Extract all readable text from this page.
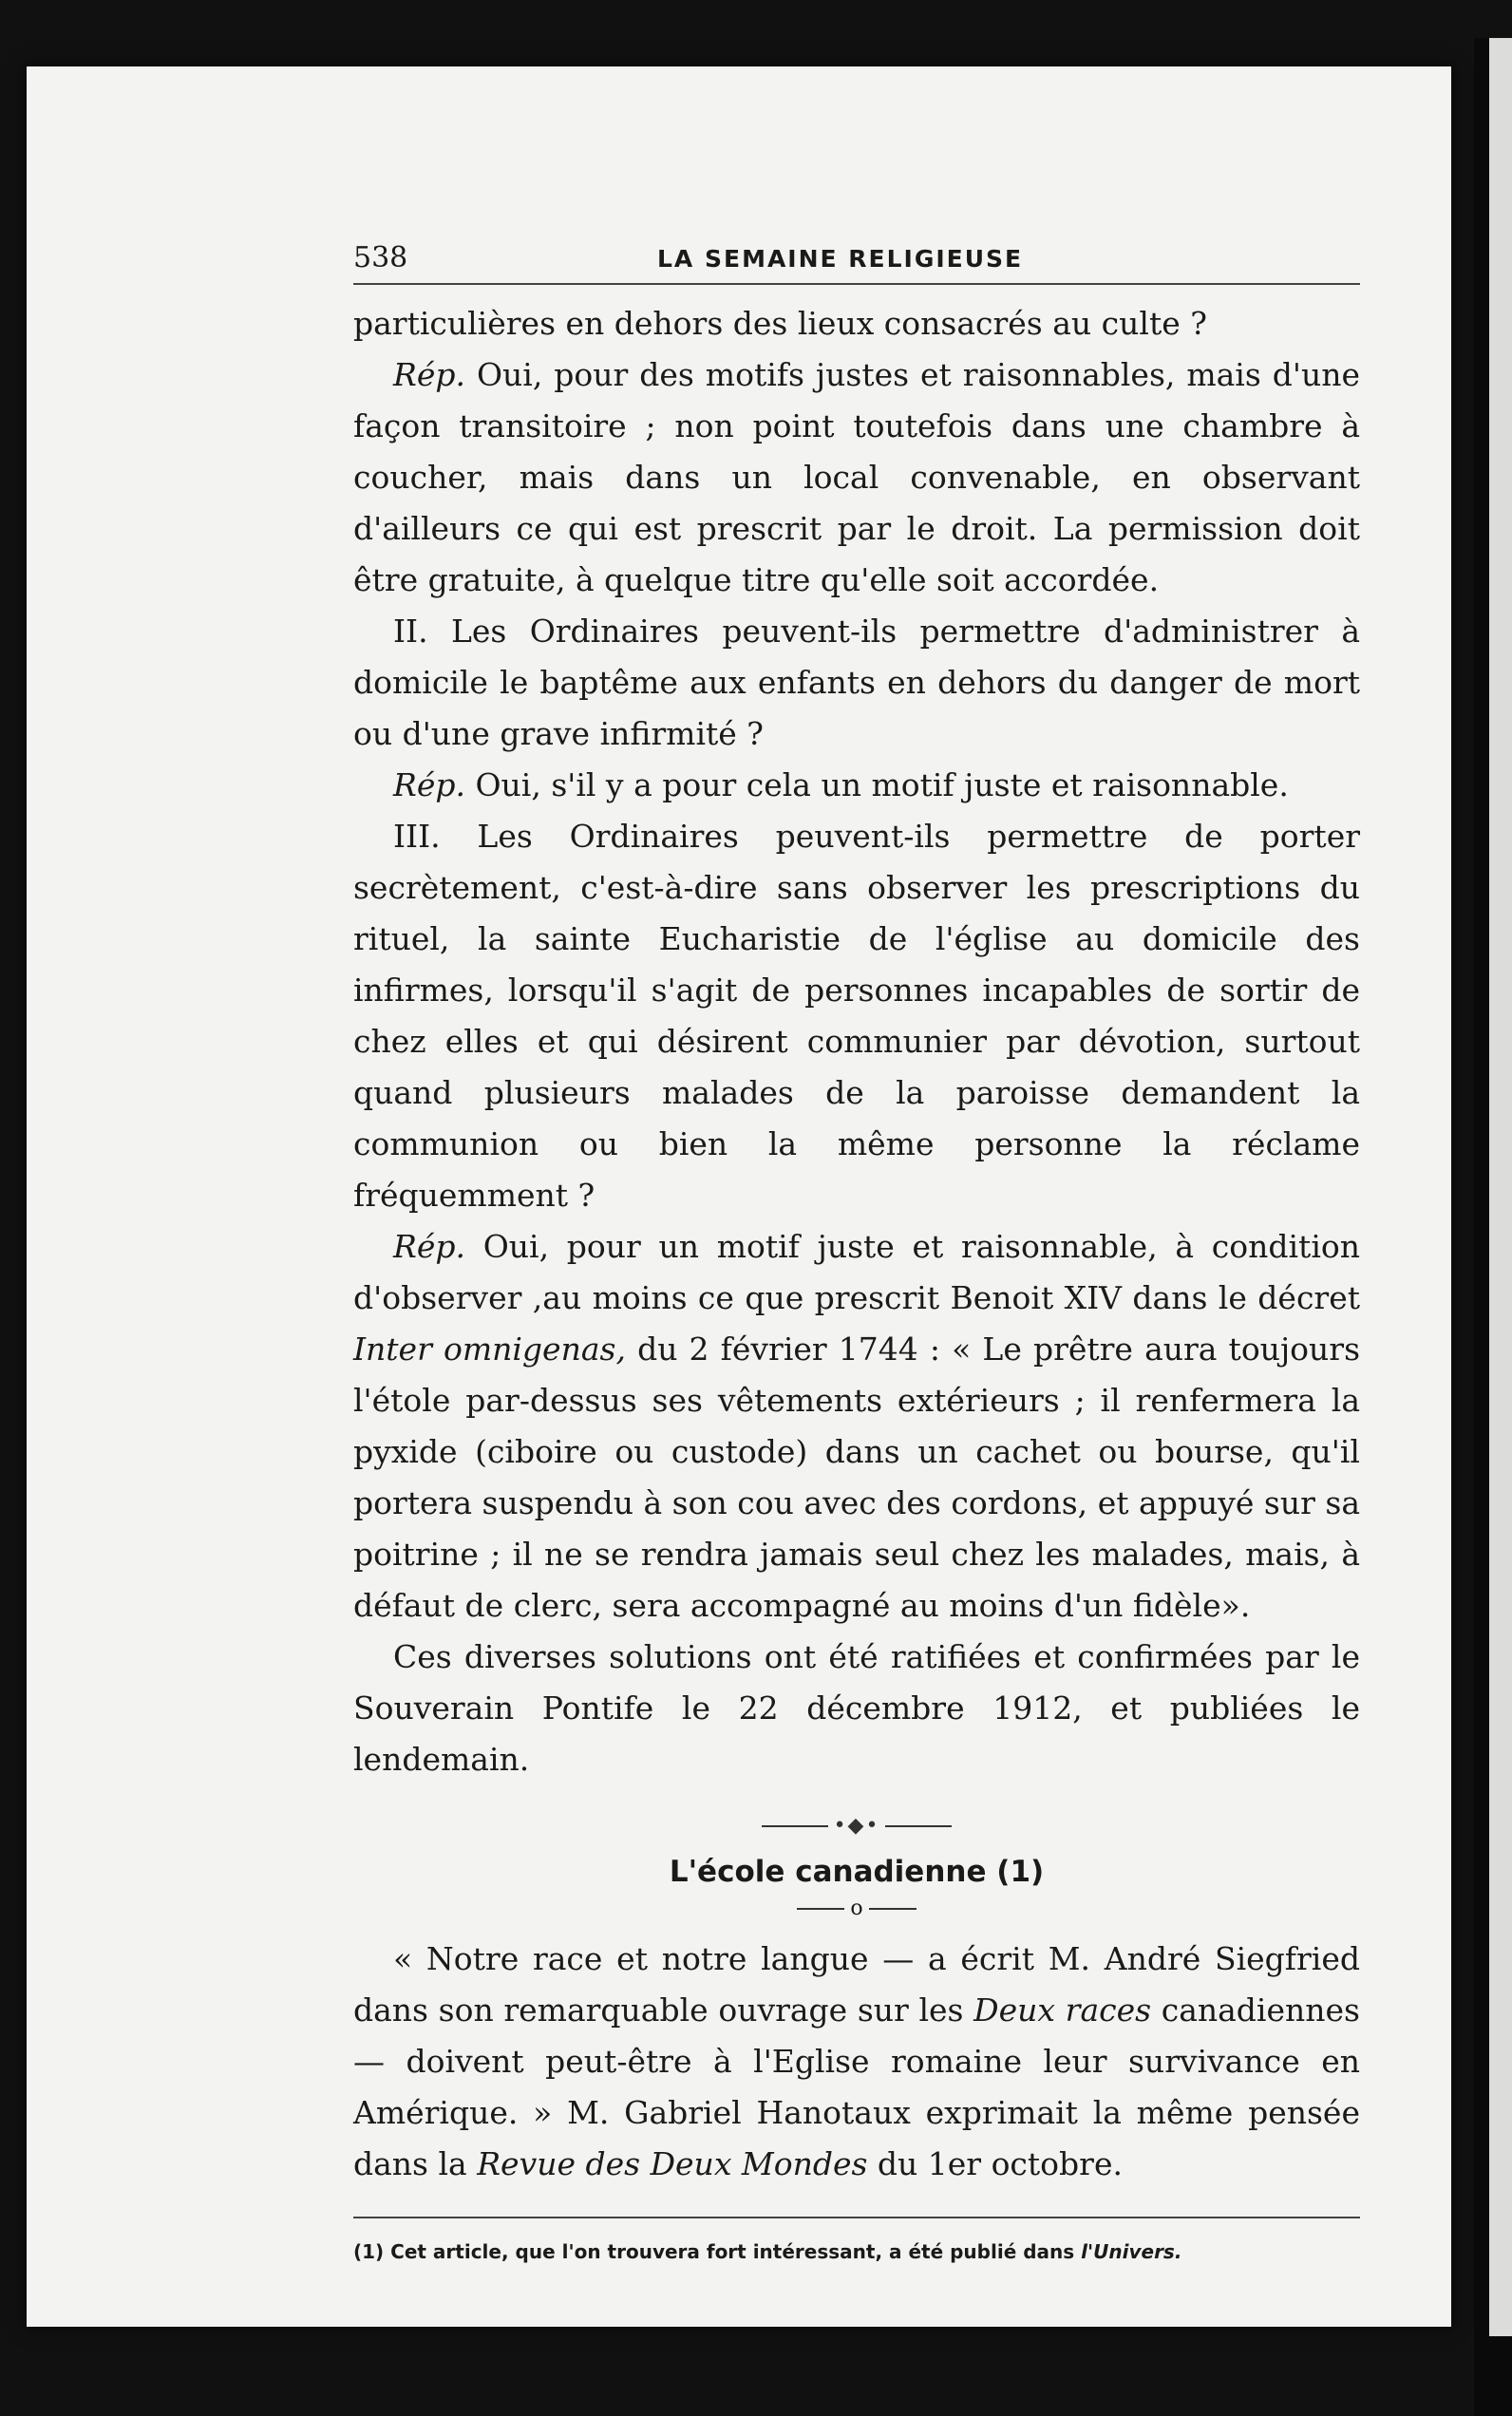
538	LA SEMAINE RELIGIEUSE

particulières en dehors des lieux consacrés au culte ?

Rép. Oui, pour des motifs justes et raisonnables, mais d'une façon transitoire ; non point toutefois dans une chambre à coucher, mais dans un local convenable, en observant d'ailleurs ce qui est prescrit par le droit. La permission doit être gratuite, à quelque titre qu'elle soit accordée.

II. Les Ordinaires peuvent-ils permettre d'administrer à domicile le baptême aux enfants en dehors du danger de mort ou d'une grave infirmité ?

Rép. Oui, s'il y a pour cela un motif juste et raisonnable.

III. Les Ordinaires peuvent-ils permettre de porter secrètement, c'est-à-dire sans observer les prescriptions du rituel, la sainte Eucharistie de l'église au domicile des infirmes, lorsqu'il s'agit de personnes incapables de sortir de chez elles et qui désirent communier par dévotion, surtout quand plusieurs malades de la paroisse demandent la communion ou bien la même personne la réclame fréquemment ?

Rép. Oui, pour un motif juste et raisonnable, à condition d'observer ,au moins ce que prescrit Benoit XIV dans le décret Inter omnigenas, du 2 février 1744 : « Le prêtre aura toujours l'étole par-dessus ses vêtements extérieurs ; il renfermera la pyxide (ciboire ou custode) dans un cachet ou bourse, qu'il portera suspendu à son cou avec des cordons, et appuyé sur sa poitrine ; il ne se rendra jamais seul chez les malades, mais, à défaut de clerc, sera accompagné au moins d'un fidèle».

Ces diverses solutions ont été ratifiées et confirmées par le Souverain Pontife le 22 décembre 1912, et publiées le lendemain.

•◆•
L'école canadienne (1)
o

« Notre race et notre langue — a écrit M. André Siegfried dans son remarquable ouvrage sur les Deux races canadiennes — doivent peut-être à l'Eglise romaine leur survivance en Amérique. » M. Gabriel Hanotaux exprimait la même pensée dans la Revue des Deux Mondes du 1er octobre.

(1) Cet article, que l'on trouvera fort intéressant, a été publié dans l'Univers.
